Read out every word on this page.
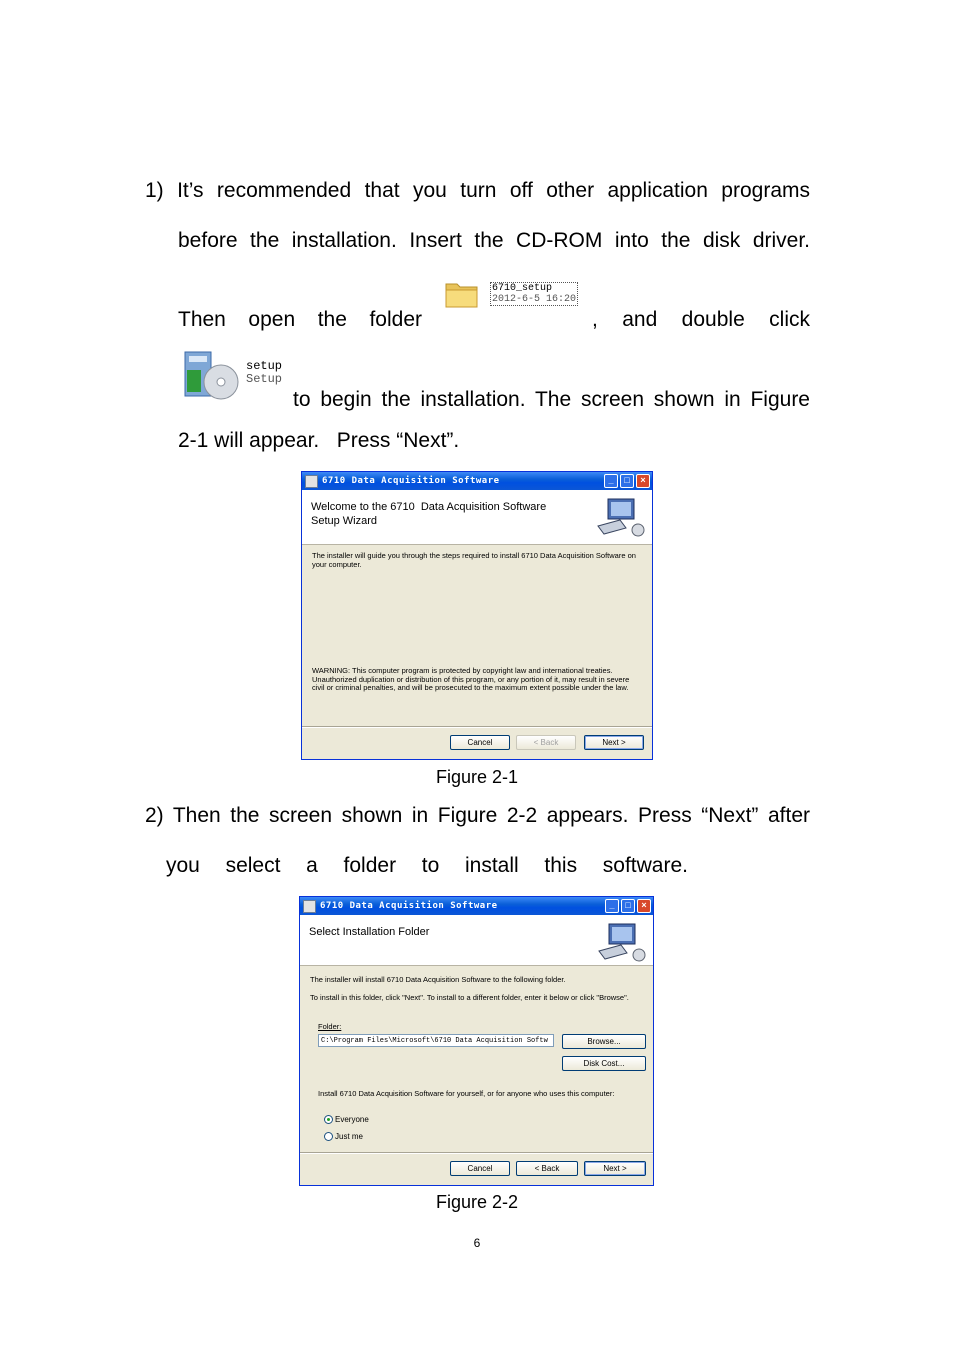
1) It’s recommended that you turn off other application programs
before the installation. Insert the CD-ROM into the disk driver.
Then open the folder
6710_setup
2012-6-5 16:20
, and double click
setup
Setup
to begin the installation. The screen shown in Figure
2-1 will appear.   Press “Next”.
6710 Data Acquisition Software	_	□	×
Welcome to the 6710  Data Acquisition Software
Setup Wizard
The installer will guide you through the steps required to install 6710 Data Acquisition Software on your computer.
WARNING: This computer program is protected by copyright law and international treaties. Unauthorized duplication or distribution of this program, or any portion of it, may result in severe civil or criminal penalties, and will be prosecuted to the maximum extent possible under the law.
Cancel	< Back	Next >
Figure 2-1
2) Then the screen shown in Figure 2-2 appears. Press “Next” after
you select a folder to install this software.
6710 Data Acquisition Software	_	□	×
Select Installation Folder
The installer will install 6710 Data Acquisition Software to the following folder.
To install in this folder, click "Next". To install to a different folder, enter it below or click "Browse".
Folder:
C:\Program Files\Microsoft\6710 Data Acquisition Softw	Browse...
Disk Cost...
Install 6710 Data Acquisition Software for yourself, or for anyone who uses this computer:
Everyone
Just me
Cancel	< Back	Next >
Figure 2-2
6
